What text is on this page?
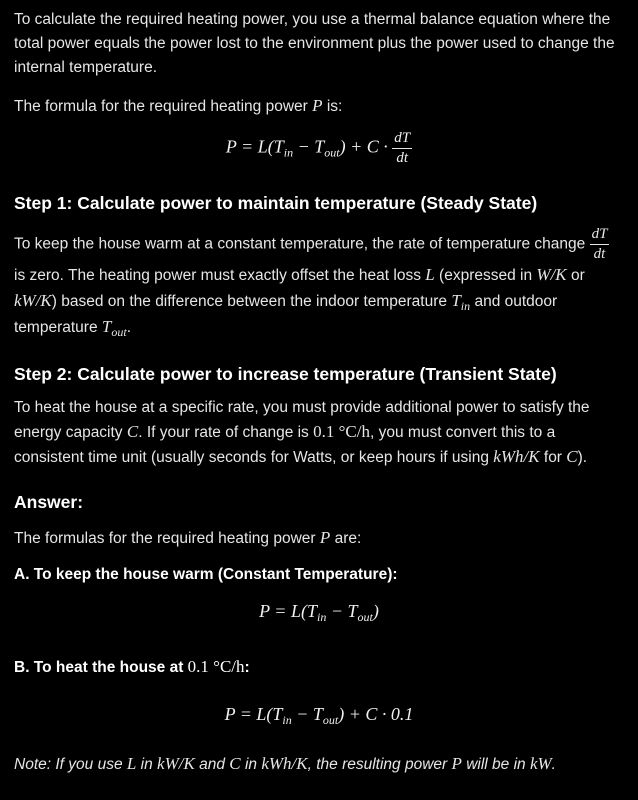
To calculate the required heating power, you use a thermal balance equation where the total power equals the power lost to the environment plus the power used to change the internal temperature.

The formula for the required heating power P is:

$P = L(T_{in} - T_{out}) + C \cdot \frac{dT}{dt}$
Step 1: Calculate power to maintain temperature (Steady State)

To keep the house warm at a constant temperature, the rate of temperature change $\frac{dT}{dt}$
is zero. The heating power must exactly offset the heat loss L (expressed in W/K or kW/K) based on the difference between the indoor temperature $T_{in}$ and outdoor temperature $T_{out}$.

Step 2: Calculate power to increase temperature (Transient State)

To heat the house at a specific rate, you must provide additional power to satisfy the energy capacity C. If your rate of change is 0.1 °C/h, you must convert this to a consistent time unit (usually seconds for Watts, or keep hours if using kWh/K for C).

Answer:

The formulas for the required heating power P are:

A. To keep the house warm (Constant Temperature):

$P = L(T_{in} - T_{out})$

B. To heat the house at 0.1 °C/h:

$P = L(T_{in} - T_{out}) + C \cdot 0.1$

Note: If you use L in kW/K and C in kWh/K, the resulting power P will be in kW.
